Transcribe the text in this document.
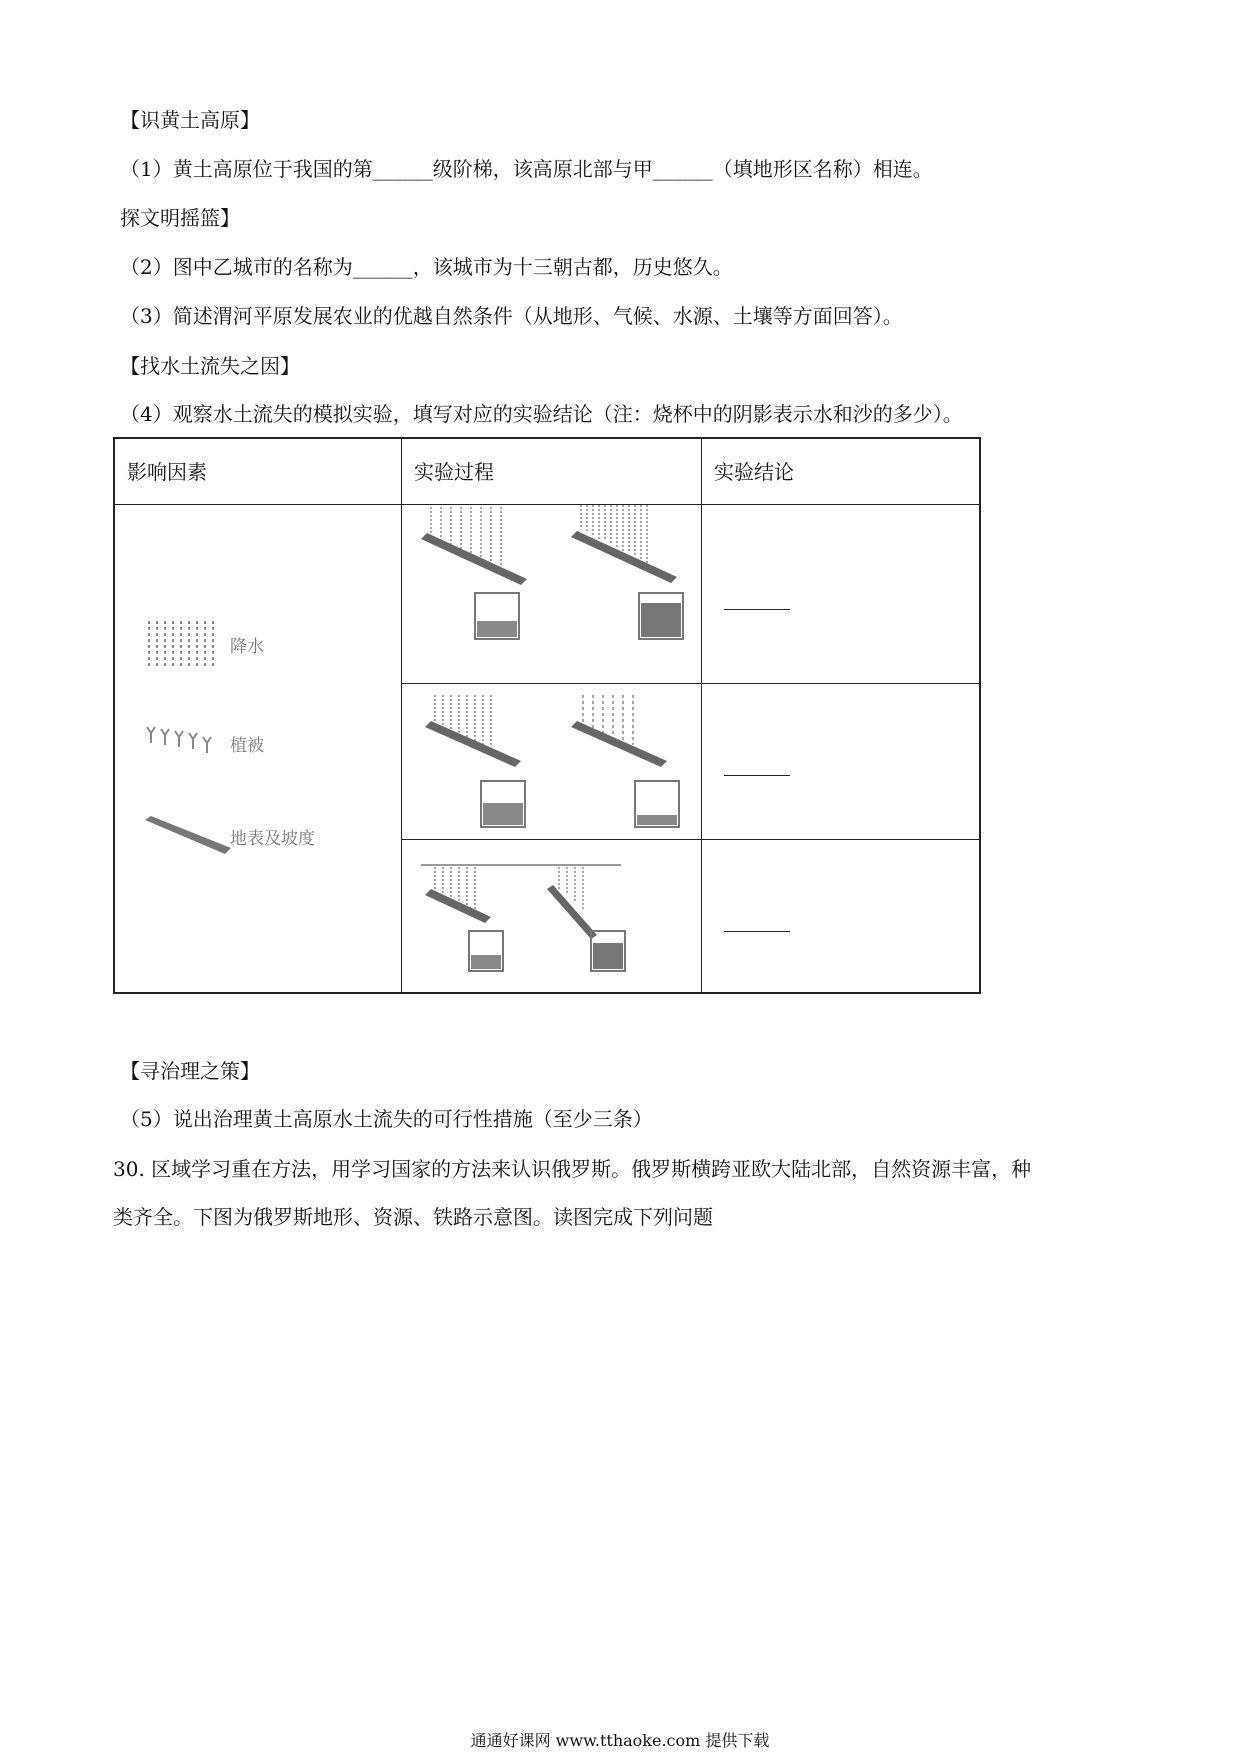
【识黄土高原】
（1）黄土高原位于我国的第______级阶梯，该高原北部与甲______（填地形区名称）相连。
探文明摇篮】
（2）图中乙城市的名称为______，该城市为十三朝古都，历史悠久。
（3）简述渭河平原发展农业的优越自然条件（从地形、气候、水源、土壤等方面回答）。
【找水土流失之因】
（4）观察水土流失的模拟实验，填写对应的实验结论（注：烧杯中的阴影表示水和沙的多少）。
影响因素	实验过程	实验结论
降水
植被
地表及坡度
【寻治理之策】
（5）说出治理黄土高原水土流失的可行性措施（至少三条）
30. 区域学习重在方法，用学习国家的方法来认识俄罗斯。俄罗斯横跨亚欧大陆北部，自然资源丰富，种
类齐全。下图为俄罗斯地形、资源、铁路示意图。读图完成下列问题
通通好课网 www.tthaoke.com 提供下载
